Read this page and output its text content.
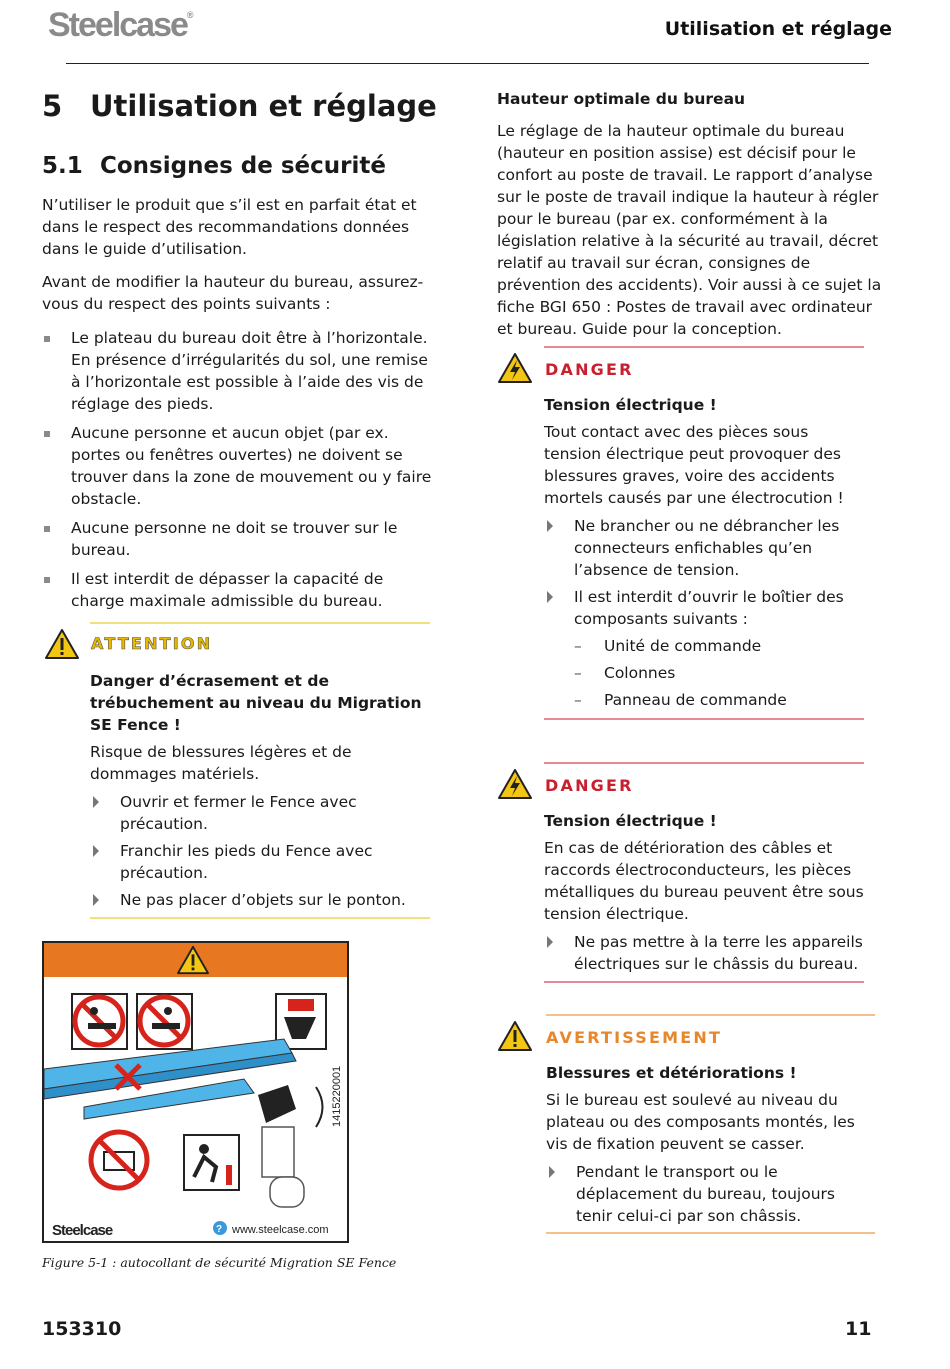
Steelcase®
Utilisation et réglage
5 Utilisation et réglage
5.1 Consignes de sécurité

N’utiliser le produit que s’il est en parfait état et dans le respect des recommandations données dans le guide d’utilisation.

Avant de modifier la hauteur du bureau, assurez-vous du respect des points suivants :

Le plateau du bureau doit être à l’horizontale. En présence d’irrégularités du sol, une remise à l’horizontale est possible à l’aide des vis de réglage des pieds.
Aucune personne et aucun objet (par ex. portes ou fenêtres ouvertes) ne doivent se trouver dans la zone de mouvement ou y faire obstacle.
Aucune personne ne doit se trouver sur le bureau.
Il est interdit de dépasser la capacité de charge maximale admissible du bureau.
ATTENTION
Danger d’écrasement et de trébuchement au niveau du Migration SE Fence !
Risque de blessures légères et de dommages matériels.
Ouvrir et fermer le Fence avec précaution.
Franchir les pieds du Fence avec précaution.
Ne pas placer d’objets sur le ponton.
1415220001
Steelcase	? www.steelcase.com
Figure 5-1 : autocollant de sécurité Migration SE Fence
Hauteur optimale du bureau
Le réglage de la hauteur optimale du bureau (hauteur en position assise) est décisif pour le confort au poste de travail. Le rapport d’analyse sur le poste de travail indique la hauteur à régler pour le bureau (par ex. conformément à la législation relative à la sécurité au travail, décret relatif au travail sur écran, consignes de prévention des accidents). Voir aussi à ce sujet la fiche BGI 650 : Postes de travail avec ordinateur et bureau. Guide pour la conception.
DANGER
Tension électrique !
Tout contact avec des pièces sous tension électrique peut provoquer des blessures graves, voire des accidents mortels causés par une électrocution !
Ne brancher ou ne débrancher les connecteurs enfichables qu’en l’absence de tension.
Il est interdit d’ouvrir le boîtier des composants suivants :
– Unité de commande
– Colonnes
– Panneau de commande
DANGER
Tension électrique !
En cas de détérioration des câbles et raccords électroconducteurs, les pièces métalliques du bureau peuvent être sous tension électrique.
Ne pas mettre à la terre les appareils électriques sur le châssis du bureau.
AVERTISSEMENT
Blessures et détériorations !
Si le bureau est soulevé au niveau du plateau ou des composants montés, les vis de fixation peuvent se casser.
Pendant le transport ou le déplacement du bureau, toujours tenir celui-ci par son châssis.
153310	11
